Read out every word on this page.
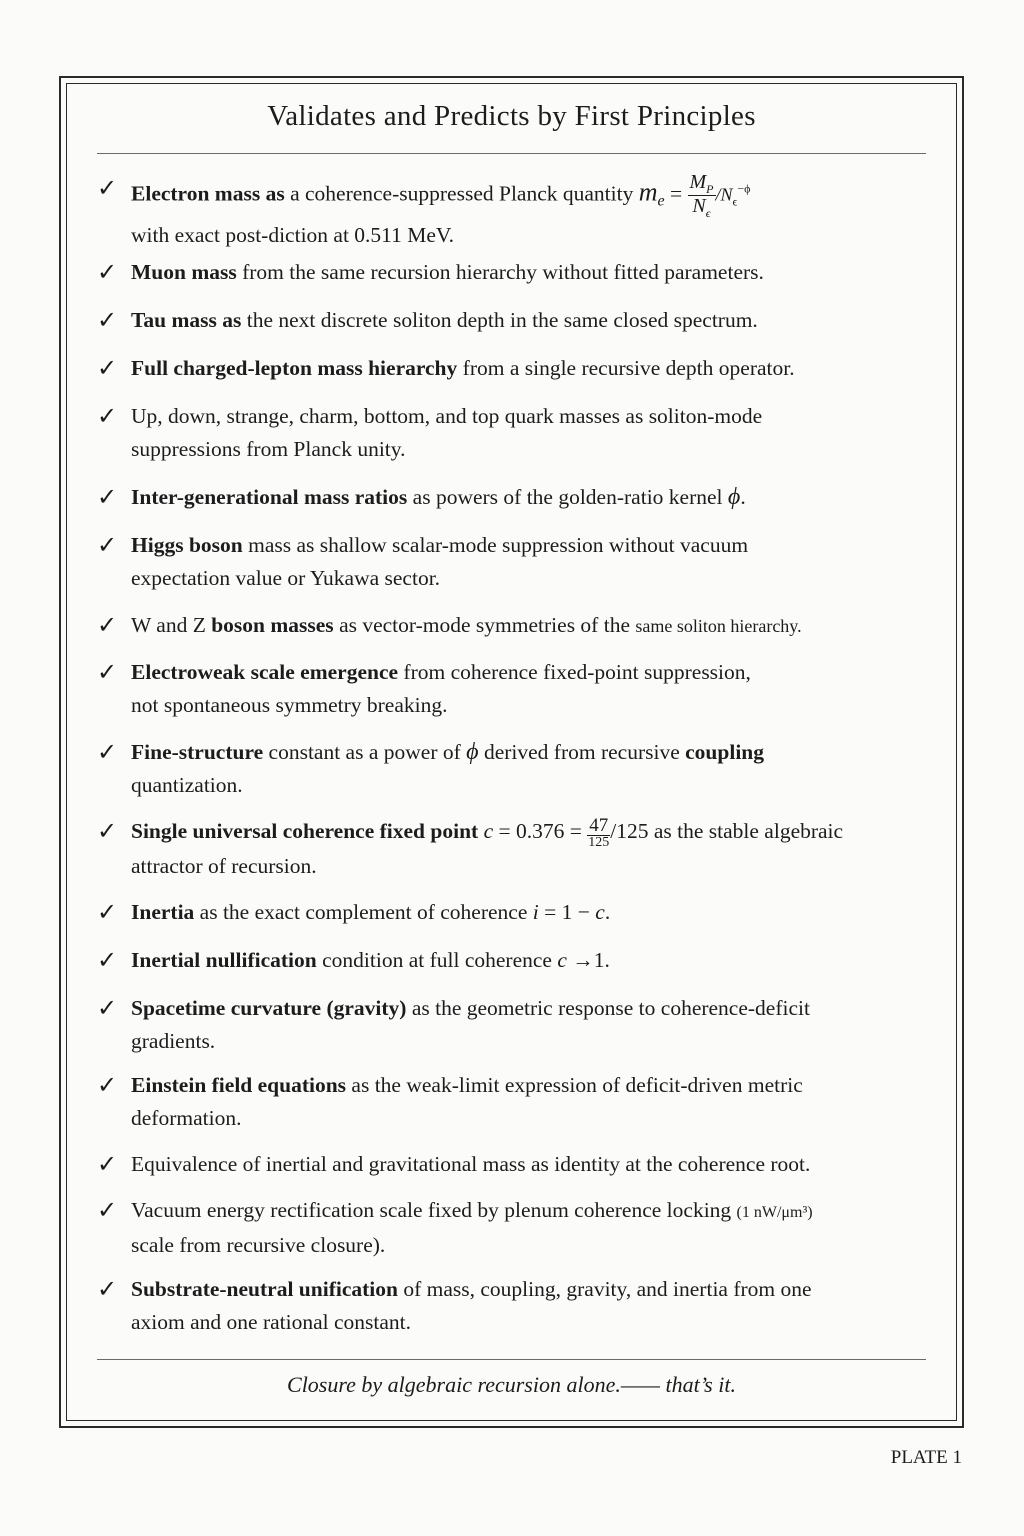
Validates and Predicts by First Principles
✓ Electron mass as a coherence-suppressed Planck quantity $m_e = \frac{M_P}{N_\epsilon} /N_\epsilon^{-\phi}$
with exact post-diction at 0.511 MeV.
✓ Muon mass from the same recursion hierarchy without fitted parameters.
✓ Tau mass as the next discrete soliton depth in the same closed spectrum.
✓ Full charged-lepton mass hierarchy from a single recursive depth operator.
✓ Up, down, strange, charm, bottom, and top quark masses as soliton-mode
suppressions from Planck unity.
✓ Inter-generational mass ratios as powers of the golden-ratio kernel ϕ.
✓ Higgs boson mass as shallow scalar-mode suppression without vacuum
expectation value or Yukawa sector.
✓ W and Z boson masses as vector-mode symmetries of the same soliton hierarchy.
✓ Electroweak scale emergence from coherence fixed-point suppression,
not spontaneous symmetry breaking.
✓ Fine-structure constant as a power of ϕ derived from recursive coupling
quantization.
✓ Single universal coherence fixed point $c = 0.376 = \frac{47}{125} /125$ as the stable algebraic
attractor of recursion.
✓ Inertia as the exact complement of coherence i = 1 − c.
✓ Inertial nullification condition at full coherence c →1.
✓ Spacetime curvature (gravity) as the geometric response to coherence-deficit
gradients.
✓ Einstein field equations as the weak-limit expression of deficit-driven metric
deformation.
✓ Equivalence of inertial and gravitational mass as identity at the coherence root.
✓ Vacuum energy rectification scale fixed by plenum coherence locking (1 nW/μm³)
scale from recursive closure).
✓ Substrate-neutral unification of mass, coupling, gravity, and inertia from one
axiom and one rational constant.
Closure by algebraic recursion alone.—— that’s it.
PLATE 1
